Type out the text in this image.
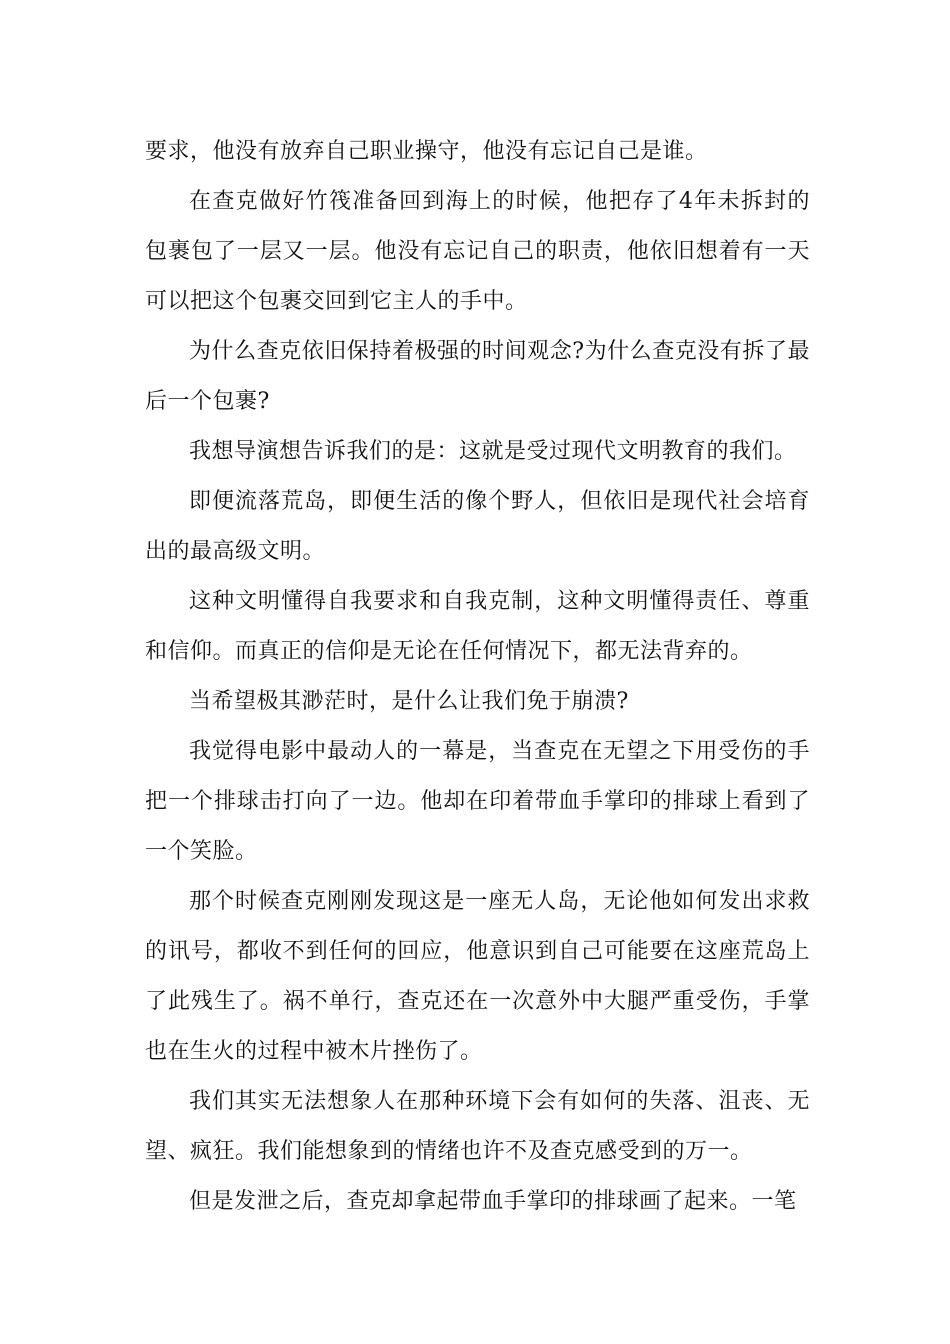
要求，他没有放弃自己职业操守，他没有忘记自己是谁。

在查克做好竹筏准备回到海上的时候，他把存了4年未拆封的包裹包了一层又一层。他没有忘记自己的职责，他依旧想着有一天可以把这个包裹交回到它主人的手中。

为什么查克依旧保持着极强的时间观念?为什么查克没有拆了最后一个包裹?

我想导演想告诉我们的是：这就是受过现代文明教育的我们。

即便流落荒岛，即便生活的像个野人，但依旧是现代社会培育出的最高级文明。

这种文明懂得自我要求和自我克制，这种文明懂得责任、尊重和信仰。而真正的信仰是无论在任何情况下，都无法背弃的。

当希望极其渺茫时，是什么让我们免于崩溃?

我觉得电影中最动人的一幕是，当查克在无望之下用受伤的手把一个排球击打向了一边。他却在印着带血手掌印的排球上看到了一个笑脸。

那个时候查克刚刚发现这是一座无人岛，无论他如何发出求救的讯号，都收不到任何的回应，他意识到自己可能要在这座荒岛上了此残生了。祸不单行，查克还在一次意外中大腿严重受伤，手掌也在生火的过程中被木片挫伤了。

我们其实无法想象人在那种环境下会有如何的失落、沮丧、无望、疯狂。我们能想象到的情绪也许不及查克感受到的万一。

但是发泄之后，查克却拿起带血手掌印的排球画了起来。一笔
